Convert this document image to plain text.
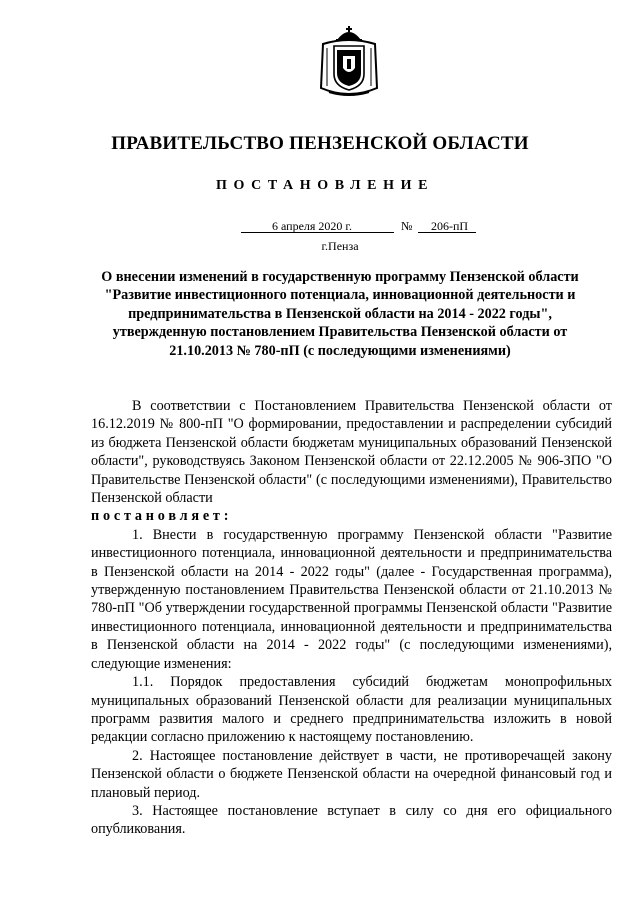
ПРАВИТЕЛЬСТВО ПЕНЗЕНСКОЙ ОБЛАСТИ
ПОСТАНОВЛЕНИЕ
6 апреля 2020 г.	№ 206-пП
г.Пенза

О внесении изменений в государственную программу Пензенской области "Развитие инвестиционного потенциала, инновационной деятельности и предпринимательства в Пензенской области на 2014 - 2022 годы", утвержденную постановлением Правительства Пензенской области от 21.10.2013 № 780-пП (с последующими изменениями)

В соответствии с Постановлением Правительства Пензенской области от 16.12.2019 № 800-пП "О формировании, предоставлении и распределении субсидий из бюджета Пензенской области бюджетам муниципальных образований Пензенской области", руководствуясь Законом Пензенской области от 22.12.2005 № 906-ЗПО "О Правительстве Пензенской области" (с последующими изменениями), Правительство Пензенской области

постановляет:

1. Внести в государственную программу Пензенской области "Развитие инвестиционного потенциала, инновационной деятельности и предпринимательства в Пензенской области на 2014 - 2022 годы" (далее - Государственная программа), утвержденную постановлением Правительства Пензенской области от 21.10.2013 № 780-пП "Об утверждении государственной программы Пензенской области "Развитие инвестиционного потенциала, инновационной деятельности и предпринимательства в Пензенской области на 2014 - 2022 годы" (с последующими изменениями), следующие изменения:

1.1. Порядок предоставления субсидий бюджетам монопрофильных муниципальных образований Пензенской области для реализации муниципальных программ развития малого и среднего предпринимательства изложить в новой редакции согласно приложению к настоящему постановлению.

2. Настоящее постановление действует в части, не противоречащей закону Пензенской области о бюджете Пензенской области на очередной финансовый год и плановый период.

3. Настоящее постановление вступает в силу со дня его официального опубликования.
